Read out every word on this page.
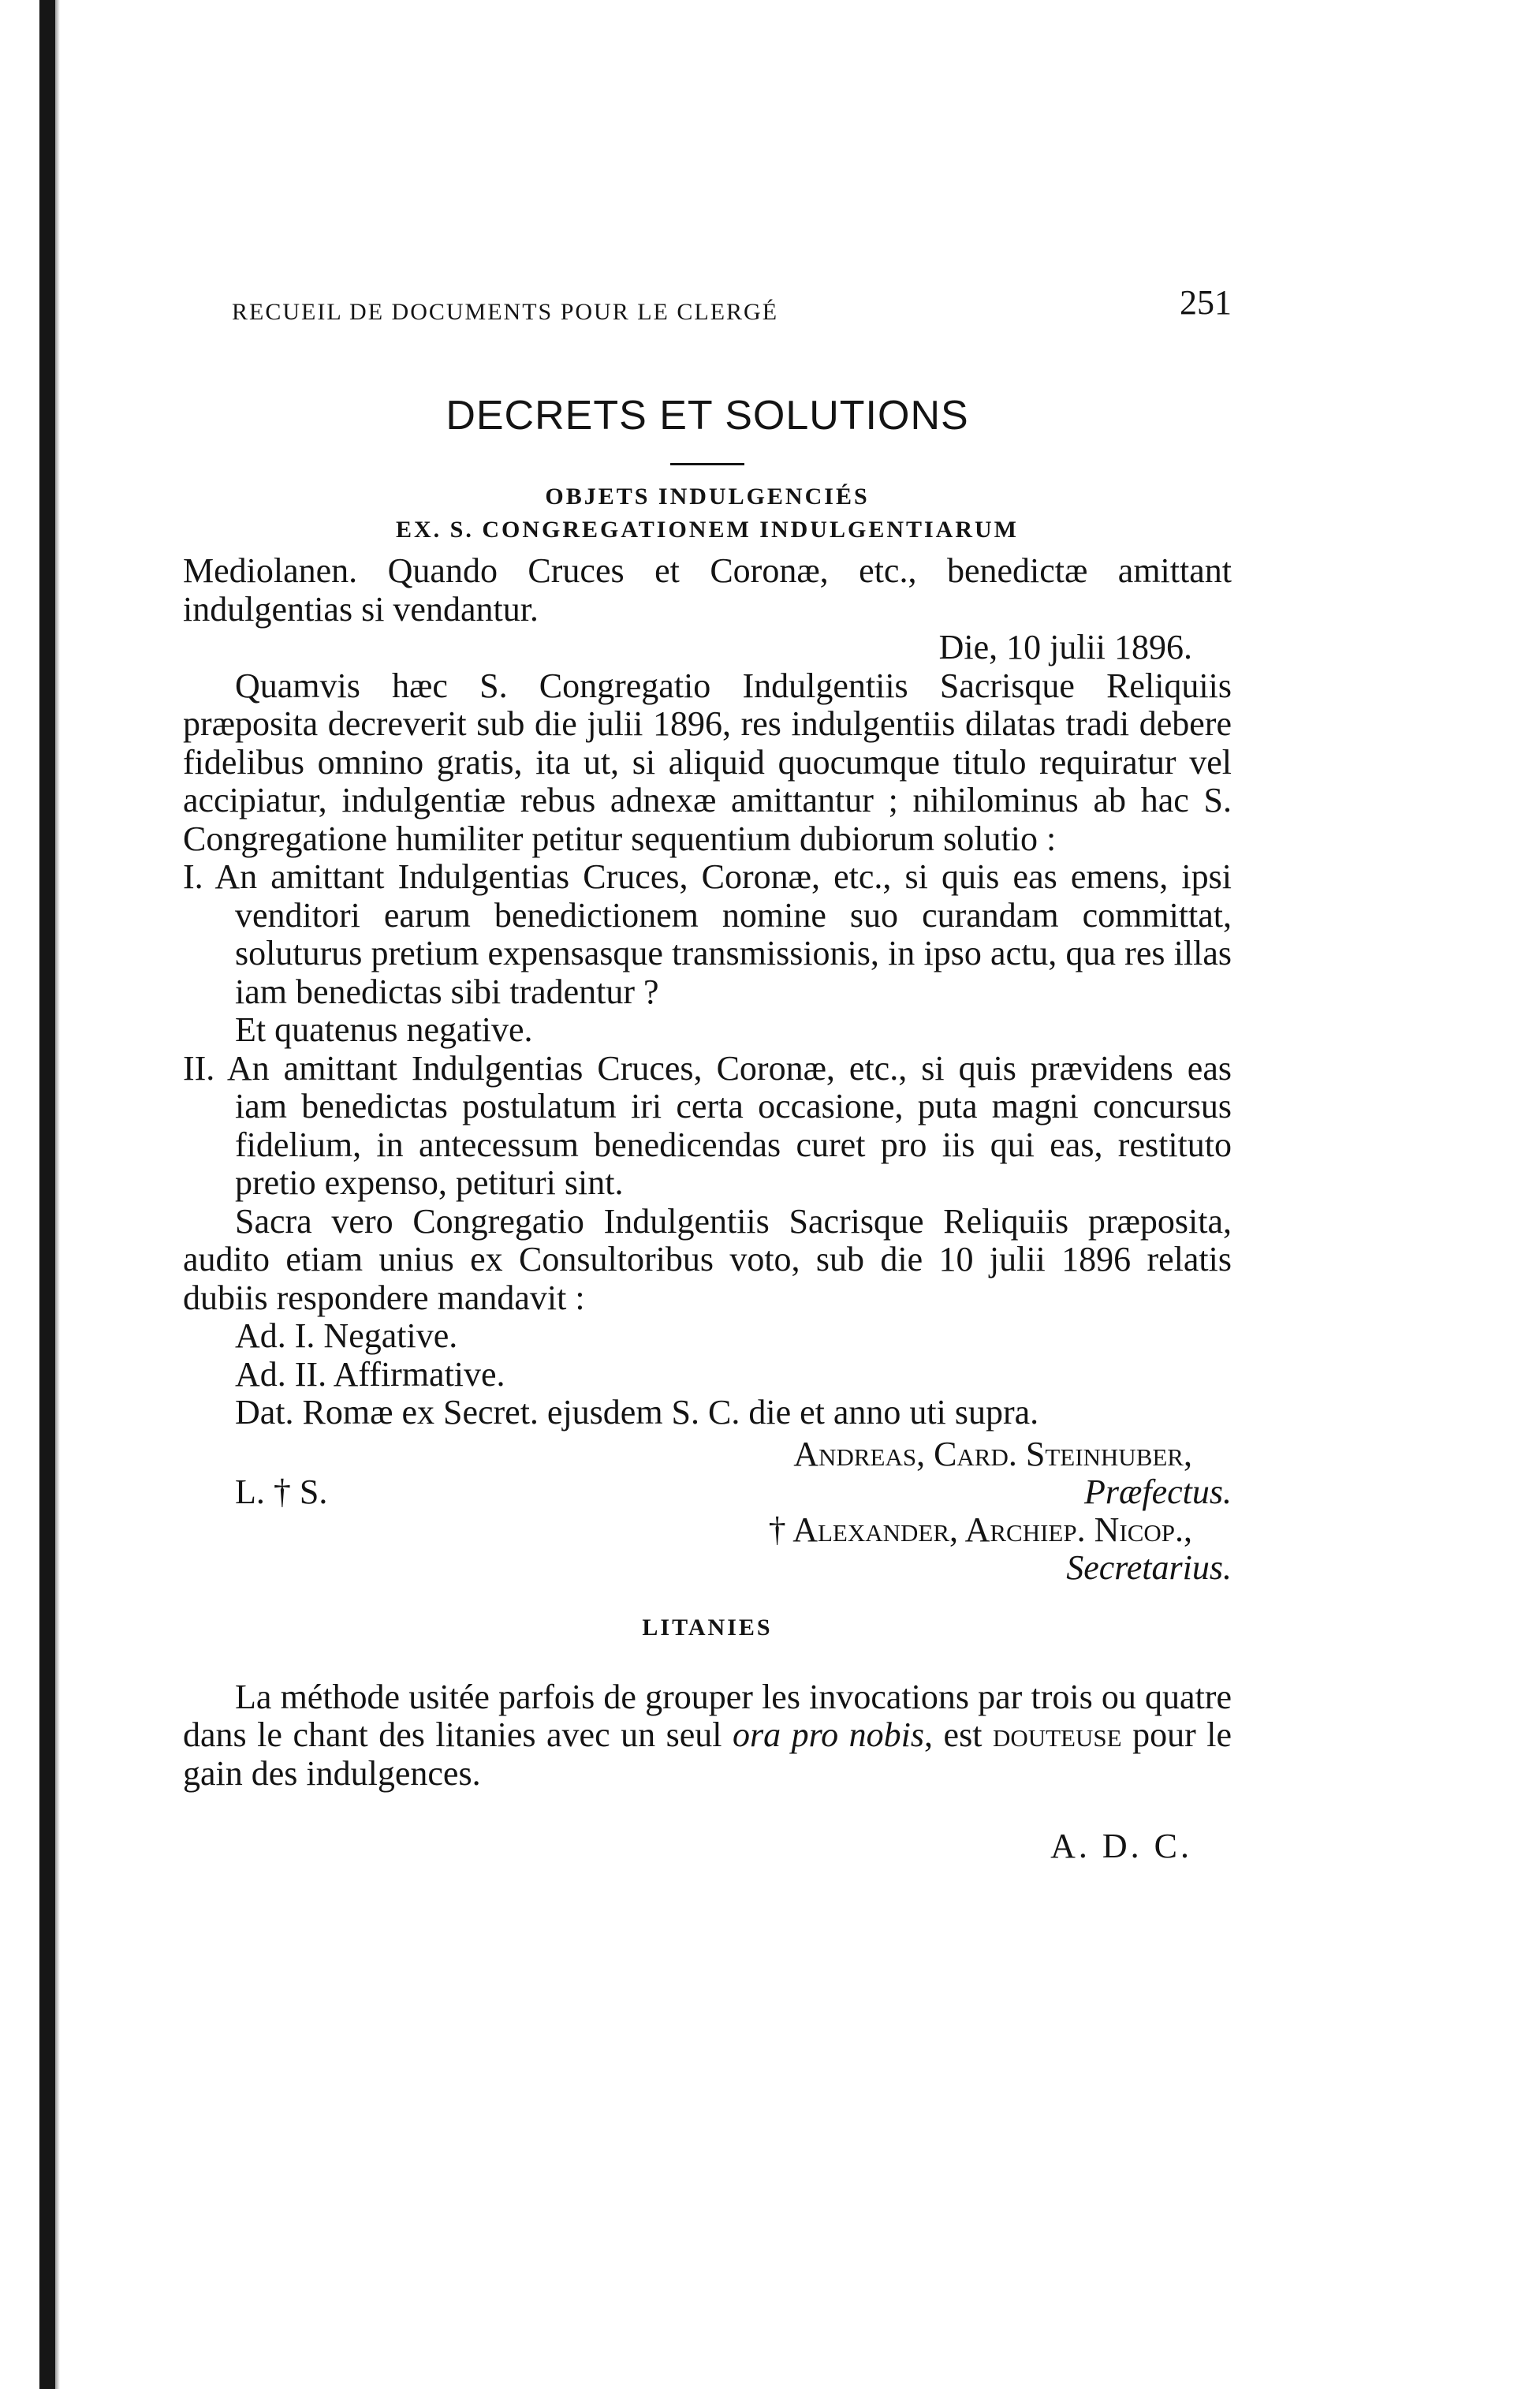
RECUEIL DE DOCUMENTS POUR LE CLERGÉ	251
DECRETS ET SOLUTIONS
OBJETS INDULGENCIÉS
EX. S. CONGREGATIONEM INDULGENTIARUM

Mediolanen. Quando Cruces et Coronæ, etc., benedictæ amittant indulgentias si vendantur.

Die, 10 julii 1896.

Quamvis hæc S. Congregatio Indulgentiis Sacrisque Reliquiis præposita decreverit sub die julii 1896, res indulgentiis dilatas tradi debere fidelibus omnino gratis, ita ut, si aliquid quocumque titulo requiratur vel accipiatur, indulgentiæ rebus adnexæ amittantur ; nihilominus ab hac S. Congregatione humiliter petitur sequentium dubiorum solutio :

I. An amittant Indulgentias Cruces, Coronæ, etc., si quis eas emens, ipsi venditori earum benedictionem nomine suo curandam committat, soluturus pretium expensasque transmissionis, in ipso actu, qua res illas iam benedictas sibi tradentur ?

Et quatenus negative.

II. An amittant Indulgentias Cruces, Coronæ, etc., si quis prævidens eas iam benedictas postulatum iri certa occasione, puta magni concursus fidelium, in antecessum benedicendas curet pro iis qui eas, restituto pretio expenso, petituri sint.

Sacra vero Congregatio Indulgentiis Sacrisque Reliquiis præposita, audito etiam unius ex Consultoribus voto, sub die 10 julii 1896 relatis dubiis respondere mandavit :

Ad. I. Negative.

Ad. II. Affirmative.

Dat. Romæ ex Secret. ejusdem S. C. die et anno uti supra.

Andreas, Card. Steinhuber,
L. † S.	Præfectus.
† Alexander, Archiep. Nicop.,
Secretarius.
LITANIES

La méthode usitée parfois de grouper les invocations par trois ou quatre dans le chant des litanies avec un seul ora pro nobis, est douteuse pour le gain des indulgences.

A. D. C.
